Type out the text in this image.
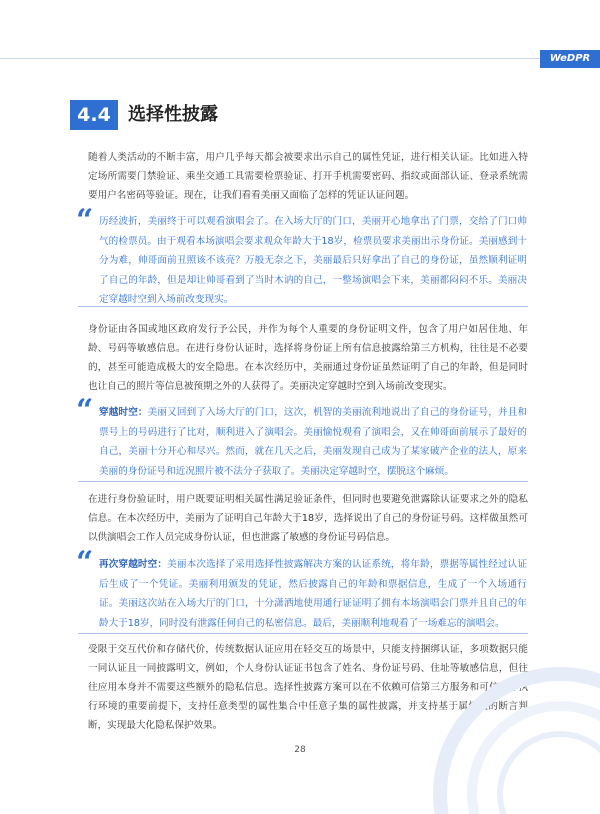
WeDPR
4.4 选择性披露

随着人类活动的不断丰富，用户几乎每天都会被要求出示自己的属性凭证，进行相关认证。比如进入特定场所需要门禁验证、乘坐交通工具需要检票验证、打开手机需要密码、指纹或面部认证、登录系统需要用户名密码等验证。现在，让我们看看美丽又面临了怎样的凭证认证问题。

“ 历经波折，美丽终于可以观看演唱会了。在入场大厅的门口，美丽开心地拿出了门票，交给了门口帅气的检票员。由于观看本场演唱会要求观众年龄大于18岁，检票员要求美丽出示身份证。美丽感到十分为难，帅哥面前丑照该不该亮？万般无奈之下，美丽最后只好拿出了自己的身份证，虽然顺利证明了自己的年龄，但是却让帅哥看到了当时木讷的自己，一整场演唱会下来，美丽都闷闷不乐。美丽决定穿越时空到入场前改变现实。

身份证由各国或地区政府发行予公民，并作为每个人重要的身份证明文件，包含了用户如居住地、年龄、号码等敏感信息。在进行身份认证时，选择将身份证上所有信息披露给第三方机构，往往是不必要的，甚至可能造成极大的安全隐患。在本次经历中，美丽通过身份证虽然证明了自己的年龄，但是同时也让自己的照片等信息被预期之外的人获得了。美丽决定穿越时空到入场前改变现实。

“ 穿越时空：美丽又回到了入场大厅的门口，这次，机智的美丽流利地说出了自己的身份证号，并且和票号上的号码进行了比对，顺利进入了演唱会。美丽愉悦观看了演唱会，又在帅哥面前展示了最好的自己，美丽十分开心和尽兴。然而，就在几天之后，美丽发现自己成为了某家破产企业的法人，原来美丽的身份证号和近况照片被不法分子获取了。美丽决定穿越时空，摆脱这个麻烦。

在进行身份验证时，用户既要证明相关属性满足验证条件，但同时也要避免泄露除认证要求之外的隐私信息。在本次经历中，美丽为了证明自己年龄大于18岁，选择说出了自己的身份证号码。这样做虽然可以供演唱会工作人员完成身份认证，但也泄露了敏感的身份证号码信息。

“ 再次穿越时空：美丽本次选择了采用选择性披露解决方案的认证系统，将年龄，票据等属性经过认证后生成了一个凭证。美丽利用颁发的凭证，然后披露自己的年龄和票据信息，生成了一个入场通行证。美丽这次站在入场大厅的门口，十分潇洒地使用通行证证明了拥有本场演唱会门票并且自己的年龄大于18岁，同时没有泄露任何自己的私密信息。最后，美丽顺利地观看了一场难忘的演唱会。

受限于交互代价和存储代价，传统数据认证应用在轻交互的场景中，只能支持捆绑认证，多项数据只能一同认证且一同披露明文，例如，个人身份认证证书包含了姓名、身份证号码、住址等敏感信息，但往往应用本身并不需要这些额外的隐私信息。选择性披露方案可以在不依赖可信第三方服务和可信硬件执行环境的重要前提下，支持任意类型的属性集合中任意子集的属性披露，并支持基于属性值的断言判断，实现最大化隐私保护效果。

28
